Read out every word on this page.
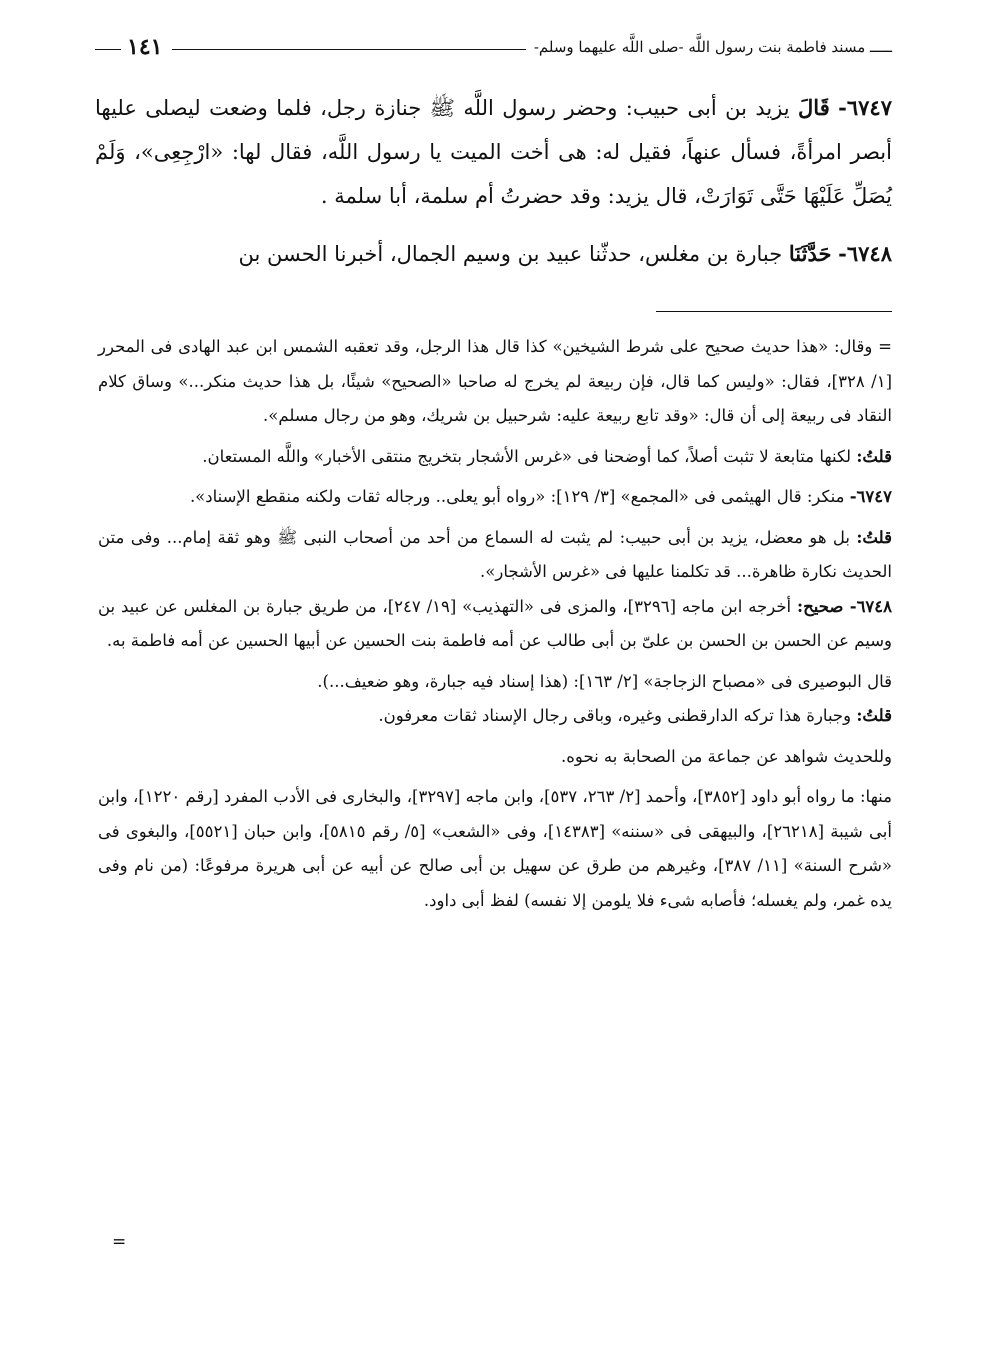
ـــــ مسند فاطمة بنت رسول اللَّه -صلى اللَّه عليهما وسلم-
١٤١

٦٧٤٧- قَالَ يزيد بن أبى حبيب: وحضر رسول اللَّه ﷺ جنازة رجل، فلما وضعت ليصلى عليها أبصر امرأةً، فسأل عنهاً، فقيل له: هى أخت الميت يا رسول اللَّه، فقال لها: «ارْجِعِى»، وَلَمْ يُصَلِّ عَلَيْهَا حَتَّى تَوَارَتْ، قال يزيد: وقد حضرتُ أم سلمة، أبا سلمة .

٦٧٤٨- حَدَّثَنَا جبارة بن مغلس، حدثّنا عبيد بن وسيم الجمال، أخبرنا الحسن بن

= وقال: «هذا حديث صحيح على شرط الشيخين» كذا قال هذا الرجل، وقد تعقبه الشمس ابن عبد الهادى فى المحرر [١/ ٣٢٨]، فقال: «وليس كما قال، فإن ربيعة لم يخرج له صاحبا «الصحيح» شيئًا، بل هذا حديث منكر...» وساق كلام النقاد فى ربيعة إلى أن قال: «وقد تابع ربيعة عليه: شرحبيل بن شريك، وهو من رجال مسلم».

قلتُ: لكنها متابعة لا تثبت أصلاً، كما أوضحنا فى «غرس الأشجار بتخريج منتقى الأخبار» واللَّه المستعان.

٦٧٤٧- منكر: قال الهيثمى فى «المجمع» [٣/ ١٢٩]: «رواه أبو يعلى.. ورجاله ثقات ولكنه منقطع الإسناد».

قلتُ: بل هو معضل، يزيد بن أبى حبيب: لم يثبت له السماع من أحد من أصحاب النبى ﷺ وهو ثقة إمام... وفى متن الحديث نكارة ظاهرة... قد تكلمنا عليها فى «غرس الأشجار».

٦٧٤٨- صحيح: أخرجه ابن ماجه [٣٢٩٦]، والمزى فى «التهذيب» [١٩/ ٢٤٧]، من طريق جبارة بن المغلس عن عبيد بن وسيم عن الحسن بن الحسن بن علىّ بن أبى طالب عن أمه فاطمة بنت الحسين عن أبيها الحسين عن أمه فاطمة به.

قال البوصيرى فى «مصباح الزجاجة» [٢/ ١٦٣]: (هذا إسناد فيه جبارة، وهو ضعيف...).

قلتُ: وجبارة هذا تركه الدارقطنى وغيره، وباقى رجال الإسناد ثقات معرفون.

وللحديث شواهد عن جماعة من الصحابة به نحوه.

منها: ما رواه أبو داود [٣٨٥٢]، وأحمد [٢/ ٢٦٣، ٥٣٧]، وابن ماجه [٣٢٩٧]، والبخارى فى الأدب المفرد [رقم ١٢٢٠]، وابن أبى شيبة [٢٦٢١٨]، والبيهقى فى «سننه» [١٤٣٨٣]، وفى «الشعب» [٥/ رقم ٥٨١٥]، وابن حبان [٥٥٢١]، والبغوى فى «شرح السنة» [١١/ ٣٨٧]، وغيرهم من طرق عن سهيل بن أبى صالح عن أبيه عن أبى هريرة مرفوعًا: (من نام وفى يده غمر، ولم يغسله؛ فأصابه شىء فلا يلومن إلا نفسه) لفظ أبى داود.

=
